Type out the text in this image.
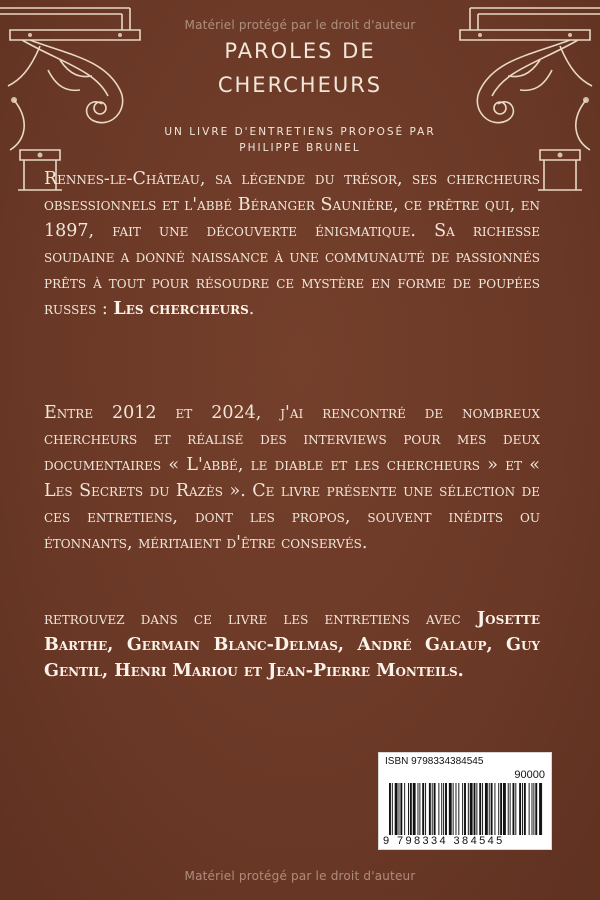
Matériel protégé par le droit d'auteur
PAROLES DE
CHERCHEURS
UN LIVRE D'ENTRETIENS PROPOSÉ PAR
PHILIPPE BRUNEL

Rennes-le-Château, sa légende du trésor, ses chercheurs obsessionnels et l'abbé Béranger Saunière, ce prêtre qui, en 1897, fait une découverte énigmatique. Sa richesse soudaine a donné naissance à une communauté de passionnés prêts à tout pour résoudre ce mystère en forme de poupées russes : Les chercheurs.

Entre 2012 et 2024, j'ai rencontré de nombreux chercheurs et réalisé des interviews pour mes deux documentaires « L'abbé, le diable et les chercheurs » et « Les Secrets du Razès ». Ce livre présente une sélection de ces entretiens, dont les propos, souvent inédits ou étonnants, méritaient d'être conservés.

retrouvez dans ce livre les entretiens avec Josette Barthe, Germain Blanc-Delmas, André Galaup, Guy Gentil, Henri Mariou et Jean-Pierre Monteils.

ISBN 9798334384545
90000
9 798334 384545
Matériel protégé par le droit d'auteur
